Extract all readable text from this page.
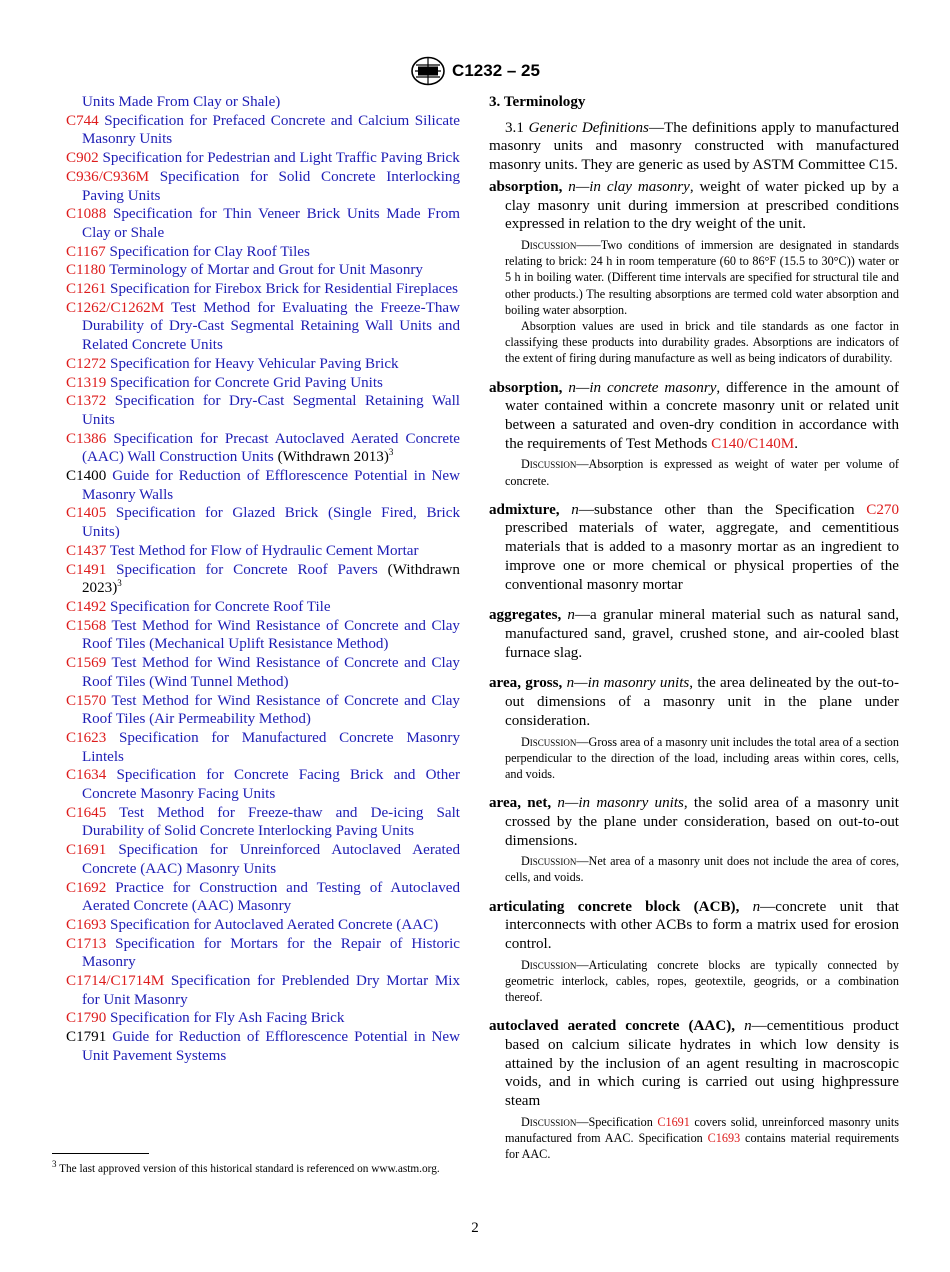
C1232 – 25
Units Made From Clay or Shale)
C744 Specification for Prefaced Concrete and Calcium Silicate Masonry Units
C902 Specification for Pedestrian and Light Traffic Paving Brick
C936/C936M Specification for Solid Concrete Interlocking Paving Units
C1088 Specification for Thin Veneer Brick Units Made From Clay or Shale
C1167 Specification for Clay Roof Tiles
C1180 Terminology of Mortar and Grout for Unit Masonry
C1261 Specification for Firebox Brick for Residential Fireplaces
C1262/C1262M Test Method for Evaluating the Freeze-Thaw Durability of Dry-Cast Segmental Retaining Wall Units and Related Concrete Units
C1272 Specification for Heavy Vehicular Paving Brick
C1319 Specification for Concrete Grid Paving Units
C1372 Specification for Dry-Cast Segmental Retaining Wall Units
C1386 Specification for Precast Autoclaved Aerated Concrete (AAC) Wall Construction Units (Withdrawn 2013)$^3$
C1400 Guide for Reduction of Efflorescence Potential in New Masonry Walls
C1405 Specification for Glazed Brick (Single Fired, Brick Units)
C1437 Test Method for Flow of Hydraulic Cement Mortar
C1491 Specification for Concrete Roof Pavers (Withdrawn 2023)$^3$
C1492 Specification for Concrete Roof Tile
C1568 Test Method for Wind Resistance of Concrete and Clay Roof Tiles (Mechanical Uplift Resistance Method)
C1569 Test Method for Wind Resistance of Concrete and Clay Roof Tiles (Wind Tunnel Method)
C1570 Test Method for Wind Resistance of Concrete and Clay Roof Tiles (Air Permeability Method)
C1623 Specification for Manufactured Concrete Masonry Lintels
C1634 Specification for Concrete Facing Brick and Other Concrete Masonry Facing Units
C1645 Test Method for Freeze-thaw and De-icing Salt Durability of Solid Concrete Interlocking Paving Units
C1691 Specification for Unreinforced Autoclaved Aerated Concrete (AAC) Masonry Units
C1692 Practice for Construction and Testing of Autoclaved Aerated Concrete (AAC) Masonry
C1693 Specification for Autoclaved Aerated Concrete (AAC)
C1713 Specification for Mortars for the Repair of Historic Masonry
C1714/C1714M Specification for Preblended Dry Mortar Mix for Unit Masonry
C1790 Specification for Fly Ash Facing Brick
C1791 Guide for Reduction of Efflorescence Potential in New Unit Pavement Systems
3. Terminology
3.1 Generic Definitions—The definitions apply to manufactured masonry units and masonry constructed with manufactured masonry units. They are generic as used by ASTM Committee C15.
absorption, n—in clay masonry, weight of water picked up by a clay masonry unit during immersion at prescribed conditions expressed in relation to the dry weight of the unit.

Discussion——Two conditions of immersion are designated in standards relating to brick: 24 h in room temperature (60 to 86°F (15.5 to 30°C)) water or 5 h in boiling water. (Different time intervals are specified for structural tile and other products.) The resulting absorptions are termed cold water absorption and boiling water absorption.

Absorption values are used in brick and tile standards as one factor in classifying these products into durability grades. Absorptions are indicators of the extent of firing during manufacture as well as being indicators of durability.

absorption, n—in concrete masonry, difference in the amount of water contained within a concrete masonry unit or related unit between a saturated and oven-dry condition in accordance with the requirements of Test Methods C140/C140M.

Discussion—Absorption is expressed as weight of water per volume of concrete.

admixture, n—substance other than the Specification C270 prescribed materials of water, aggregate, and cementitious materials that is added to a masonry mortar as an ingredient to improve one or more chemical or physical properties of the conventional masonry mortar
aggregates, n—a granular mineral material such as natural sand, manufactured sand, gravel, crushed stone, and air-cooled blast furnace slag.
area, gross, n—in masonry units, the area delineated by the out-to-out dimensions of a masonry unit in the plane under consideration.

Discussion—Gross area of a masonry unit includes the total area of a section perpendicular to the direction of the load, including areas within cores, cells, and voids.

area, net, n—in masonry units, the solid area of a masonry unit crossed by the plane under consideration, based on out-to-out dimensions.

Discussion—Net area of a masonry unit does not include the area of cores, cells, and voids.

articulating concrete block (ACB), n—concrete unit that interconnects with other ACBs to form a matrix used for erosion control.

Discussion—Articulating concrete blocks are typically connected by geometric interlock, cables, ropes, geotextile, geogrids, or a combination thereof.

autoclaved aerated concrete (AAC), n—cementitious product based on calcium silicate hydrates in which low density is attained by the inclusion of an agent resulting in macroscopic voids, and in which curing is carried out using highpressure steam

Discussion—Specification C1691 covers solid, unreinforced masonry units manufactured from AAC. Specification C1693 contains material requirements for AAC.

$^3$ The last approved version of this historical standard is referenced on www.astm.org.
2
